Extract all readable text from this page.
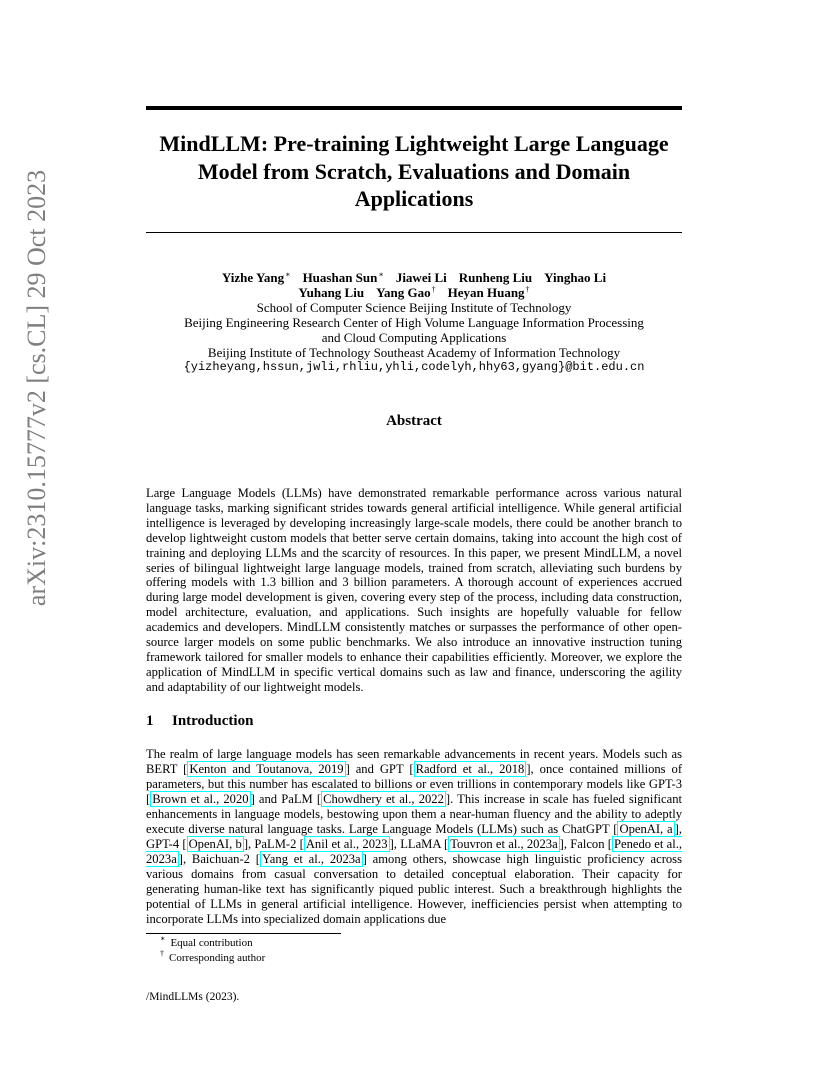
arXiv:2310.15777v2 [cs.CL] 29 Oct 2023
MindLLM: Pre-training Lightweight Large Language Model from Scratch, Evaluations and Domain Applications
Yizhe Yang∗ Huashan Sun∗ Jiawei Li Runheng Liu Yinghao Li
Yuhang Liu Yang Gao† Heyan Huang†
School of Computer Science Beijing Institute of Technology
Beijing Engineering Research Center of High Volume Language Information Processing
and Cloud Computing Applications
Beijing Institute of Technology Southeast Academy of Information Technology
{yizheyang,hssun,jwli,rhliu,yhli,codelyh,hhy63,gyang}@bit.edu.cn
Abstract

Large Language Models (LLMs) have demonstrated remarkable performance across various natural language tasks, marking significant strides towards general artificial intelligence. While general artificial intelligence is leveraged by developing increasingly large-scale models, there could be another branch to develop lightweight custom models that better serve certain domains, taking into account the high cost of training and deploying LLMs and the scarcity of resources. In this paper, we present MindLLM, a novel series of bilingual lightweight large language models, trained from scratch, alleviating such burdens by offering models with 1.3 billion and 3 billion parameters. A thorough account of experiences accrued during large model development is given, covering every step of the process, including data construction, model architecture, evaluation, and applications. Such insights are hopefully valuable for fellow academics and developers. MindLLM consistently matches or surpasses the performance of other open-source larger models on some public benchmarks. We also introduce an innovative instruction tuning framework tailored for smaller models to enhance their capabilities efficiently. Moreover, we explore the application of MindLLM in specific vertical domains such as law and finance, underscoring the agility and adaptability of our lightweight models.

1 Introduction

The realm of large language models has seen remarkable advancements in recent years. Models such as BERT [ Kenton and Toutanova, 2019 ] and GPT [ Radford et al., 2018 ], once contained millions of parameters, but this number has escalated to billions or even trillions in contemporary models like GPT-3 [ Brown et al., 2020 ] and PaLM [ Chowdhery et al., 2022 ]. This increase in scale has fueled significant enhancements in language models, bestowing upon them a near-human fluency and the ability to adeptly execute diverse natural language tasks. Large Language Models (LLMs) such as ChatGPT [ OpenAI, a ], GPT-4 [ OpenAI, b ], PaLM-2 [ Anil et al., 2023 ], LLaMA [ Touvron et al., 2023a ], Falcon [ Penedo et al., 2023a ], Baichuan-2 [ Yang et al., 2023a ] among others, showcase high linguistic proficiency across various domains from casual conversation to detailed conceptual elaboration. Their capacity for generating human-like text has significantly piqued public interest. Such a breakthrough highlights the potential of LLMs in general artificial intelligence. However, inefficiencies persist when attempting to incorporate LLMs into specialized domain applications due

∗ Equal contribution
† Corresponding author
/MindLLMs (2023).
